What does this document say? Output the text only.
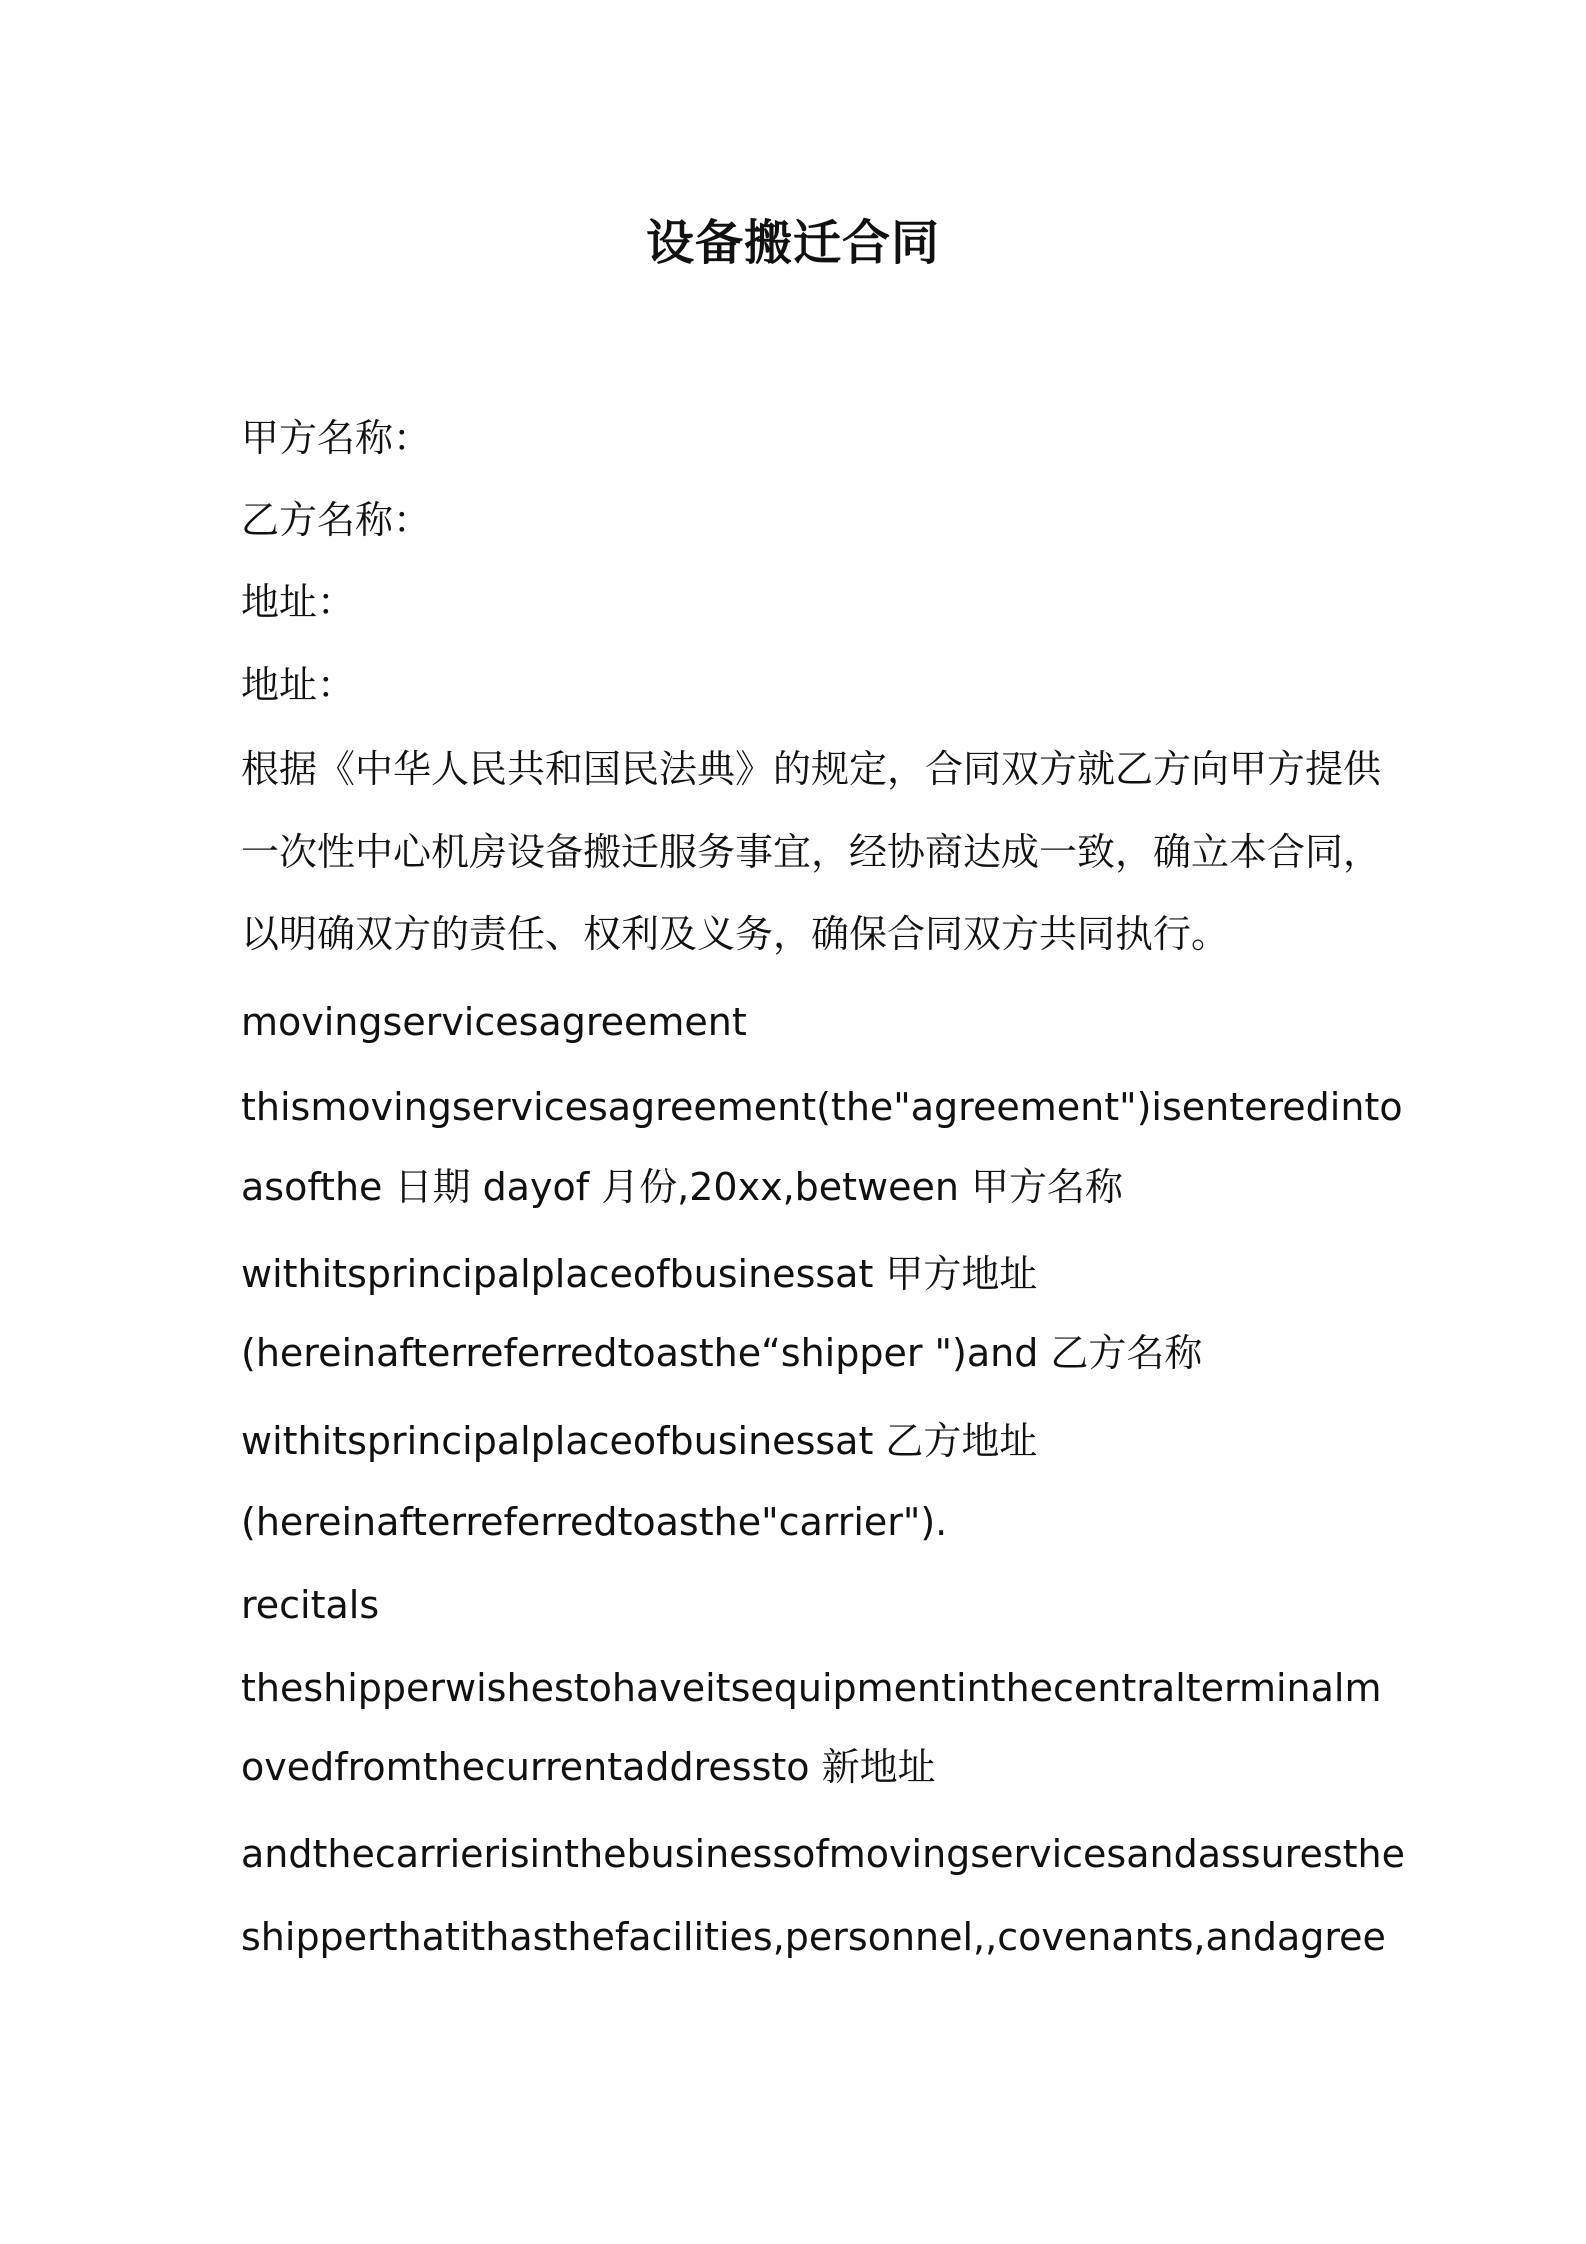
设备搬迁合同
甲方名称：
乙方名称：
地址：
地址：
根据《中华人民共和国民法典》的规定，合同双方就乙方向甲方提供
一次性中心机房设备搬迁服务事宜，经协商达成一致，确立本合同，
以明确双方的责任、权利及义务，确保合同双方共同执行。
movingservicesagreement
thismovingservicesagreement(the"agreement")isenteredinto
asofthe 日期 dayof 月份,20xx,between 甲方名称
withitsprincipalplaceofbusinessat 甲方地址
(hereinafterreferredtoasthe“shipper ")and 乙方名称
withitsprincipalplaceofbusinessat 乙方地址
(hereinafterreferredtoasthe"carrier").
recitals
theshipperwishestohaveitsequipmentinthecentralterminalm
ovedfromthecurrentaddressto 新地址
andthecarrierisinthebusinessofmovingservicesandassuresthe
shipperthatithasthefacilities,personnel,,covenants,andagree
